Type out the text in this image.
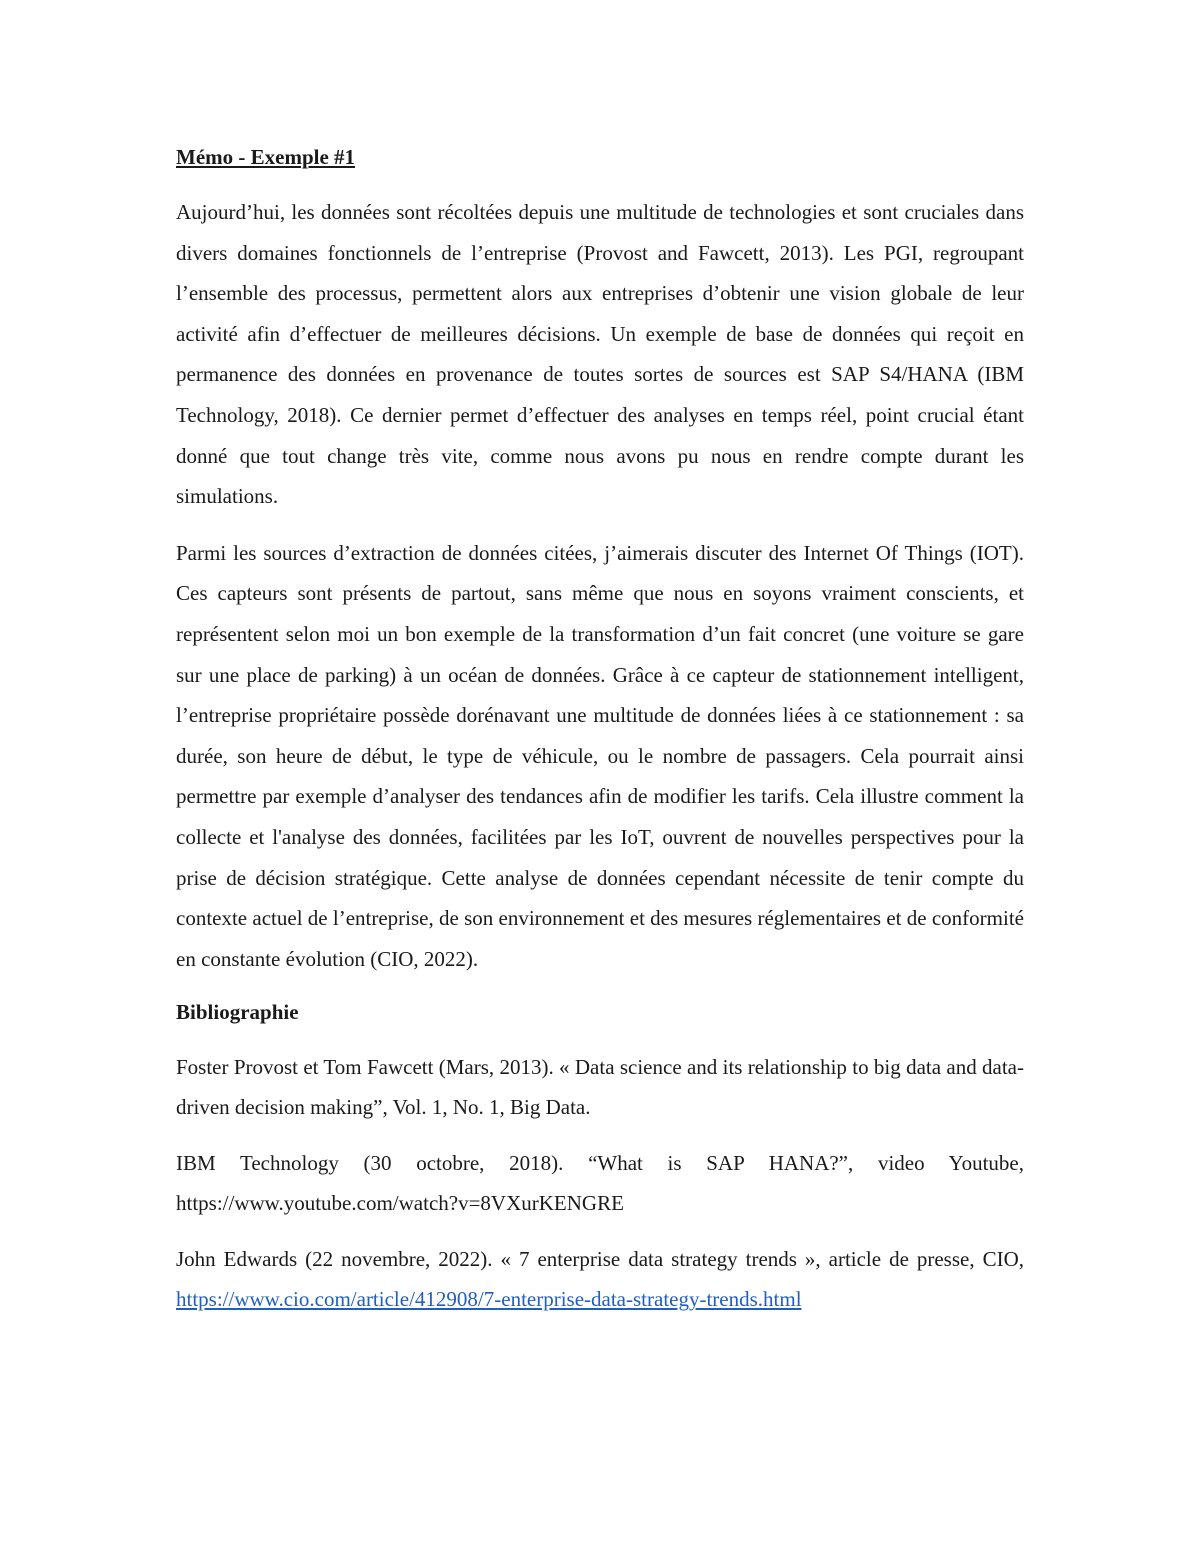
Mémo - Exemple #1

Aujourd’hui, les données sont récoltées depuis une multitude de technologies et sont cruciales dans divers domaines fonctionnels de l’entreprise (Provost and Fawcett, 2013). Les PGI, regroupant l’ensemble des processus, permettent alors aux entreprises d’obtenir une vision globale de leur activité afin d’effectuer de meilleures décisions. Un exemple de base de données qui reçoit en permanence des données en provenance de toutes sortes de sources est SAP S4/HANA (IBM Technology, 2018). Ce dernier permet d’effectuer des analyses en temps réel, point crucial étant donné que tout change très vite, comme nous avons pu nous en rendre compte durant les simulations.

Parmi les sources d’extraction de données citées, j’aimerais discuter des Internet Of Things (IOT). Ces capteurs sont présents de partout, sans même que nous en soyons vraiment conscients, et représentent selon moi un bon exemple de la transformation d’un fait concret (une voiture se gare sur une place de parking) à un océan de données. Grâce à ce capteur de stationnement intelligent, l’entreprise propriétaire possède dorénavant une multitude de données liées à ce stationnement : sa durée, son heure de début, le type de véhicule, ou le nombre de passagers. Cela pourrait ainsi permettre par exemple d’analyser des tendances afin de modifier les tarifs. Cela illustre comment la collecte et l'analyse des données, facilitées par les IoT, ouvrent de nouvelles perspectives pour la prise de décision stratégique. Cette analyse de données cependant nécessite de tenir compte du contexte actuel de l’entreprise, de son environnement et des mesures réglementaires et de conformité en constante évolution (CIO, 2022).

Bibliographie

Foster Provost et Tom Fawcett (Mars, 2013). « Data science and its relationship to big data and data-driven decision making”, Vol. 1, No. 1, Big Data.

IBM Technology (30 octobre, 2018). “What is SAP HANA?”, video Youtube, https://www.youtube.com/watch?v=8VXurKENGRE

John Edwards (22 novembre, 2022). « 7 enterprise data strategy trends », article de presse, CIO, https://www.cio.com/article/412908/7-enterprise-data-strategy-trends.html
